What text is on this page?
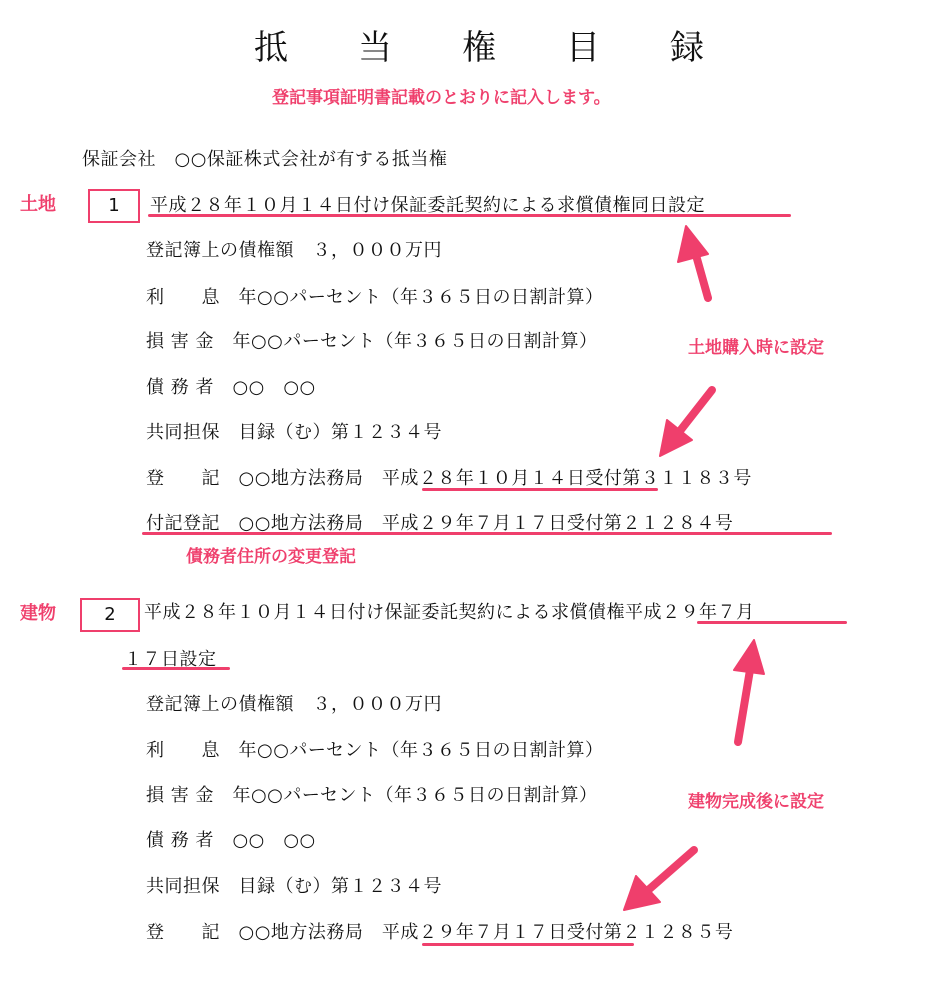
抵 当 権 目 録
登記事項証明書記載のとおりに記入します。
保証会社　○○保証株式会社が有する抵当権
土地	1	平成２８年１０月１４日付け保証委託契約による求償債権同日設定
登記簿上の債権額　３，０００万円
利　　息　年○○パーセント（年３６５日の日割計算）
損 害 金　年○○パーセント（年３６５日の日割計算）
債 務 者　○○　○○
共同担保　目録（む）第１２３４号
登　　記　○○地方法務局　平成２８年１０月１４日受付第３１１８３号
付記登記　○○地方法務局　平成２９年７月１７日受付第２１２８４号
土地購入時に設定
債務者住所の変更登記
建物	2	平成２８年１０月１４日付け保証委託契約による求償債権平成２９年７月
１７日設定
登記簿上の債権額　３，０００万円
利　　息　年○○パーセント（年３６５日の日割計算）
損 害 金　年○○パーセント（年３６５日の日割計算）
債 務 者　○○　○○
共同担保　目録（む）第１２３４号
登　　記　○○地方法務局　平成２９年７月１７日受付第２１２８５号
建物完成後に設定
